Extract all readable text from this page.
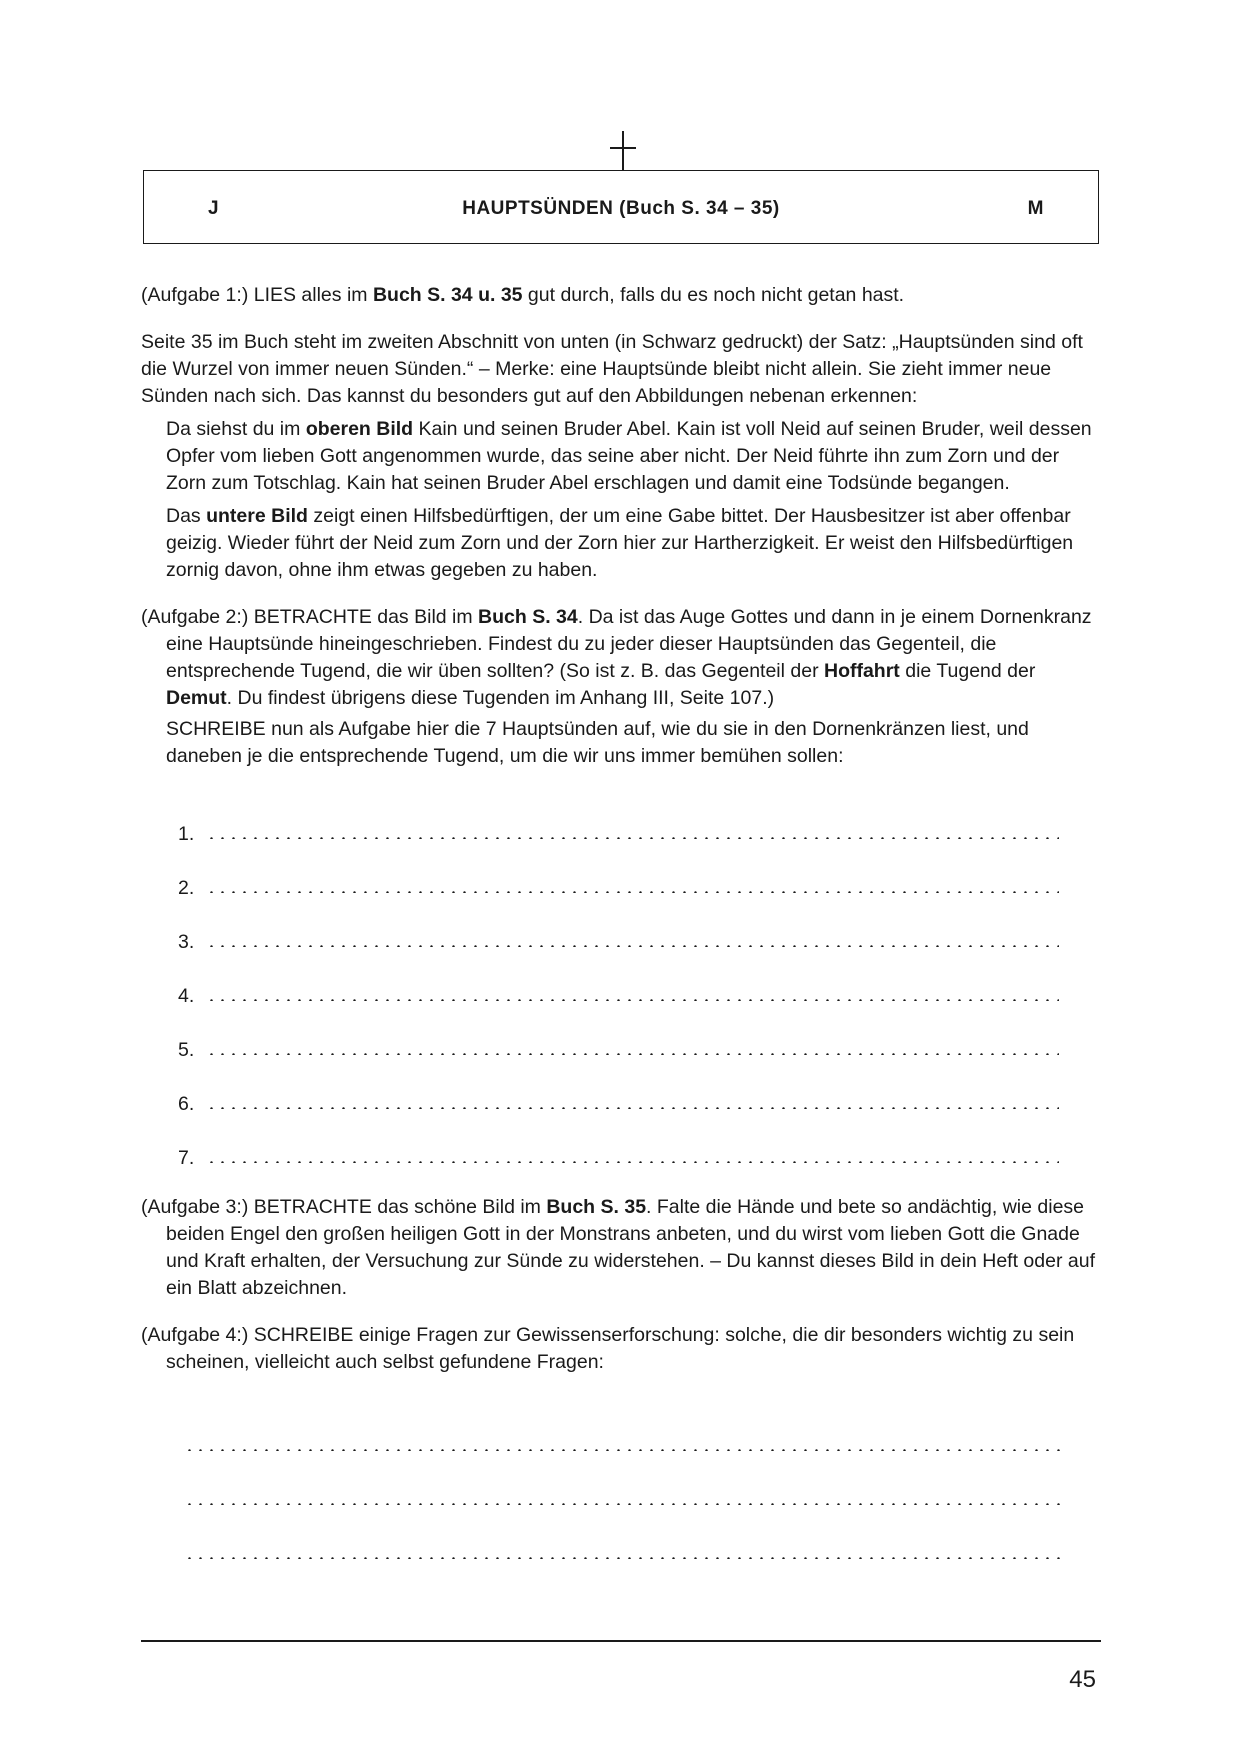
J	HAUPTSÜNDEN (Buch S. 34 – 35)	M

(Aufgabe 1:) LIES alles im Buch S. 34 u. 35 gut durch, falls du es noch nicht getan hast.

Seite 35 im Buch steht im zweiten Abschnitt von unten (in Schwarz gedruckt) der Satz: „Hauptsünden sind oft die Wurzel von immer neuen Sünden.“ – Merke: eine Hauptsünde bleibt nicht allein. Sie zieht immer neue Sünden nach sich. Das kannst du besonders gut auf den Abbildungen nebenan erkennen:

Da siehst du im oberen Bild Kain und seinen Bruder Abel. Kain ist voll Neid auf seinen Bruder, weil dessen Opfer vom lieben Gott angenommen wurde, das seine aber nicht. Der Neid führte ihn zum Zorn und der Zorn zum Totschlag. Kain hat seinen Bruder Abel erschlagen und damit eine Todsünde begangen.

Das untere Bild zeigt einen Hilfsbedürftigen, der um eine Gabe bittet. Der Hausbesitzer ist aber offenbar geizig. Wieder führt der Neid zum Zorn und der Zorn hier zur Hartherzigkeit. Er weist den Hilfsbedürftigen zornig davon, ohne ihm etwas gegeben zu haben.

(Aufgabe 2:) BETRACHTE das Bild im Buch S. 34. Da ist das Auge Gottes und dann in je einem Dornenkranz eine Hauptsünde hineingeschrieben. Findest du zu jeder dieser Hauptsünden das Gegenteil, die entsprechende Tugend, die wir üben sollten? (So ist z. B. das Gegenteil der Hoffahrt die Tugend der Demut. Du findest übrigens diese Tugenden im Anhang III, Seite 107.)

SCHREIBE nun als Aufgabe hier die 7 Hauptsünden auf, wie du sie in den Dornenkränzen liest, und daneben je die entsprechende Tugend, um die wir uns immer bemühen sollen:

1.
2.
3.
4.
5.
6.
7.

(Aufgabe 3:) BETRACHTE das schöne Bild im Buch S. 35. Falte die Hände und bete so andächtig, wie diese beiden Engel den großen heiligen Gott in der Monstrans anbeten, und du wirst vom lieben Gott die Gnade und Kraft erhalten, der Versuchung zur Sünde zu widerstehen. – Du kannst dieses Bild in dein Heft oder auf ein Blatt abzeichnen.

(Aufgabe 4:) SCHREIBE einige Fragen zur Gewissenserforschung: solche, die dir besonders wichtig zu sein scheinen, vielleicht auch selbst gefundene Fragen:

45
